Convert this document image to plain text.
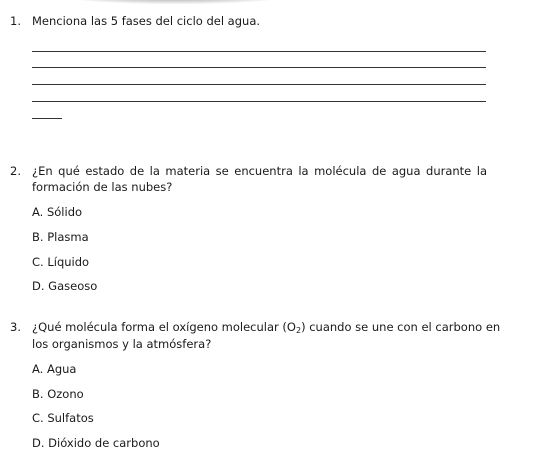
1. Menciona las 5 fases del ciclo del agua.
2. ¿En qué estado de la materia se encuentra la molécula de agua durante la
formación de las nubes?
A. Sólido
B. Plasma
C. Líquido
D. Gaseoso
3. ¿Qué molécula forma el oxígeno molecular $(O_2)$ cuando se une con el carbono en
los organismos y la atmósfera?
A. Agua
B. Ozono
C. Sulfatos
D. Dióxido de carbono
